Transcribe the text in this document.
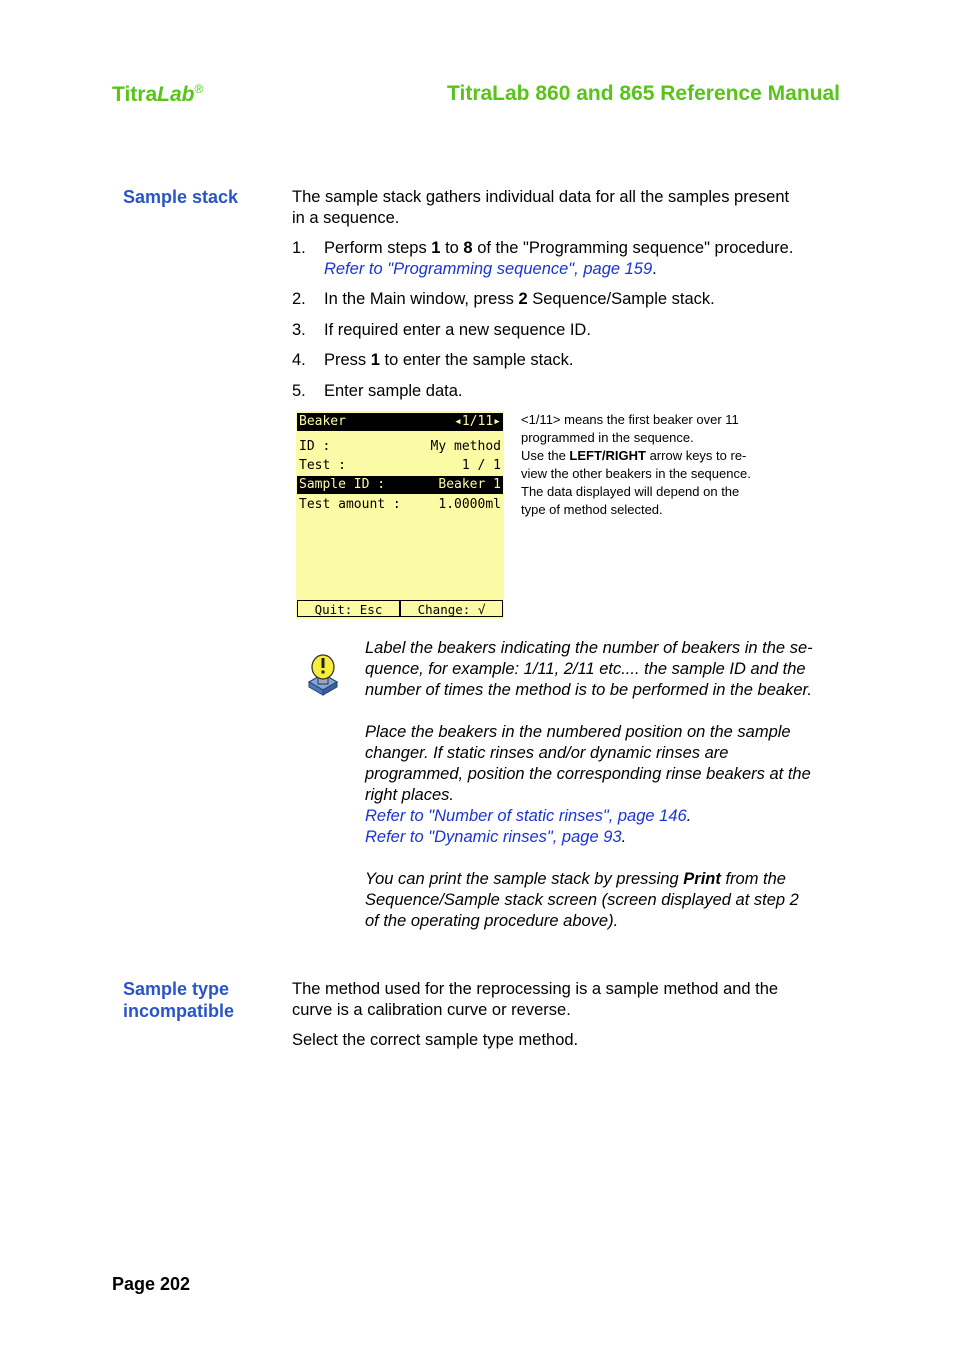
TitraLab®	TitraLab 860 and 865 Reference Manual
Sample stack	The sample stack gathers individual data for all the samples present
in a sequence.
1. Perform steps 1 to 8 of the "Programming sequence" procedure.
Refer to "Programming sequence", page 159.
2. In the Main window, press 2 Sequence/Sample stack.
3. If required enter a new sequence ID.
4. Press 1 to enter the sample stack.
5. Enter sample data.
Beaker	◂1/11▸
ID :	My method
Test :	1 / 1
Sample ID :	Beaker 1
Test amount :	1.0000ml
Quit: Esc	Change: √
<1/11> means the first beaker over 11
programmed in the sequence.
Use the LEFT/RIGHT arrow keys to re-
view the other beakers in the sequence.
The data displayed will depend on the
type of method selected.
Label the beakers indicating the number of beakers in the se-
quence, for example: 1/11, 2/11 etc.... the sample ID and the
number of times the method is to be performed in the beaker.
Place the beakers in the numbered position on the sample
changer. If static rinses and/or dynamic rinses are
programmed, position the corresponding rinse beakers at the
right places.
Refer to "Number of static rinses", page 146.
Refer to "Dynamic rinses", page 93.
You can print the sample stack by pressing Print from the
Sequence/Sample stack screen (screen displayed at step 2
of the operating procedure above).
Sample type
incompatible
The method used for the reprocessing is a sample method and the
curve is a calibration curve or reverse.
Select the correct sample type method.
Page 202
